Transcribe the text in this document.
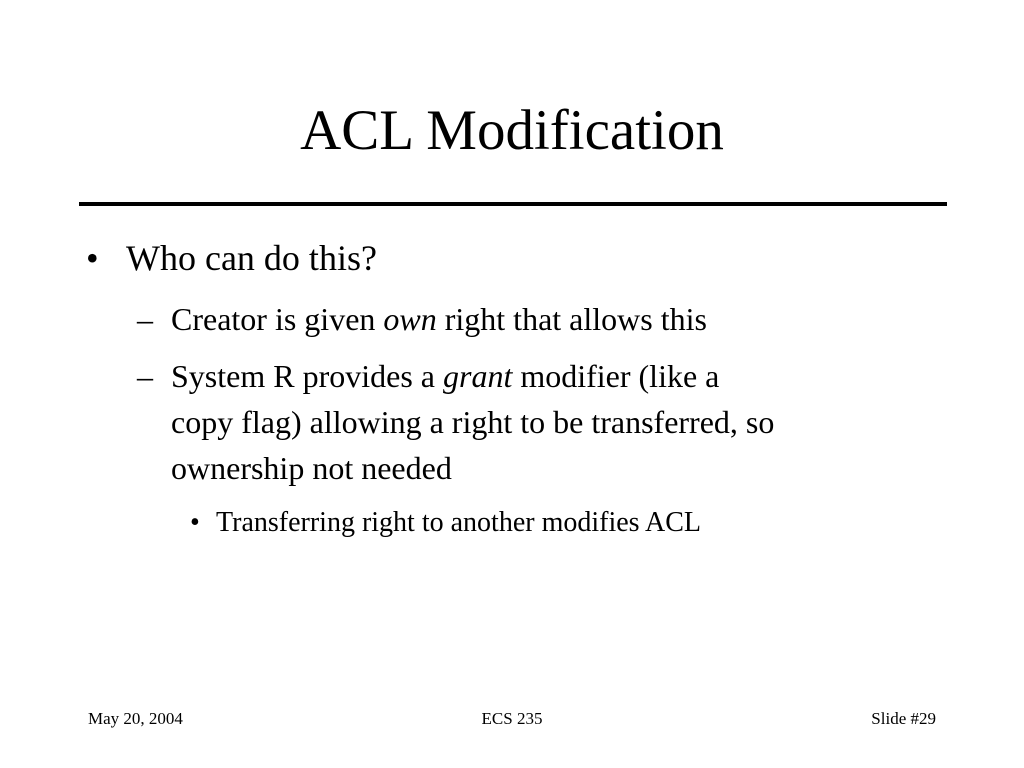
ACL Modification
• Who can do this?
– Creator is given own right that allows this
– System R provides a grant modifier (like a
copy flag) allowing a right to be transferred, so
ownership not needed
• Transferring right to another modifies ACL
May 20, 2004	ECS 235	Slide #29
